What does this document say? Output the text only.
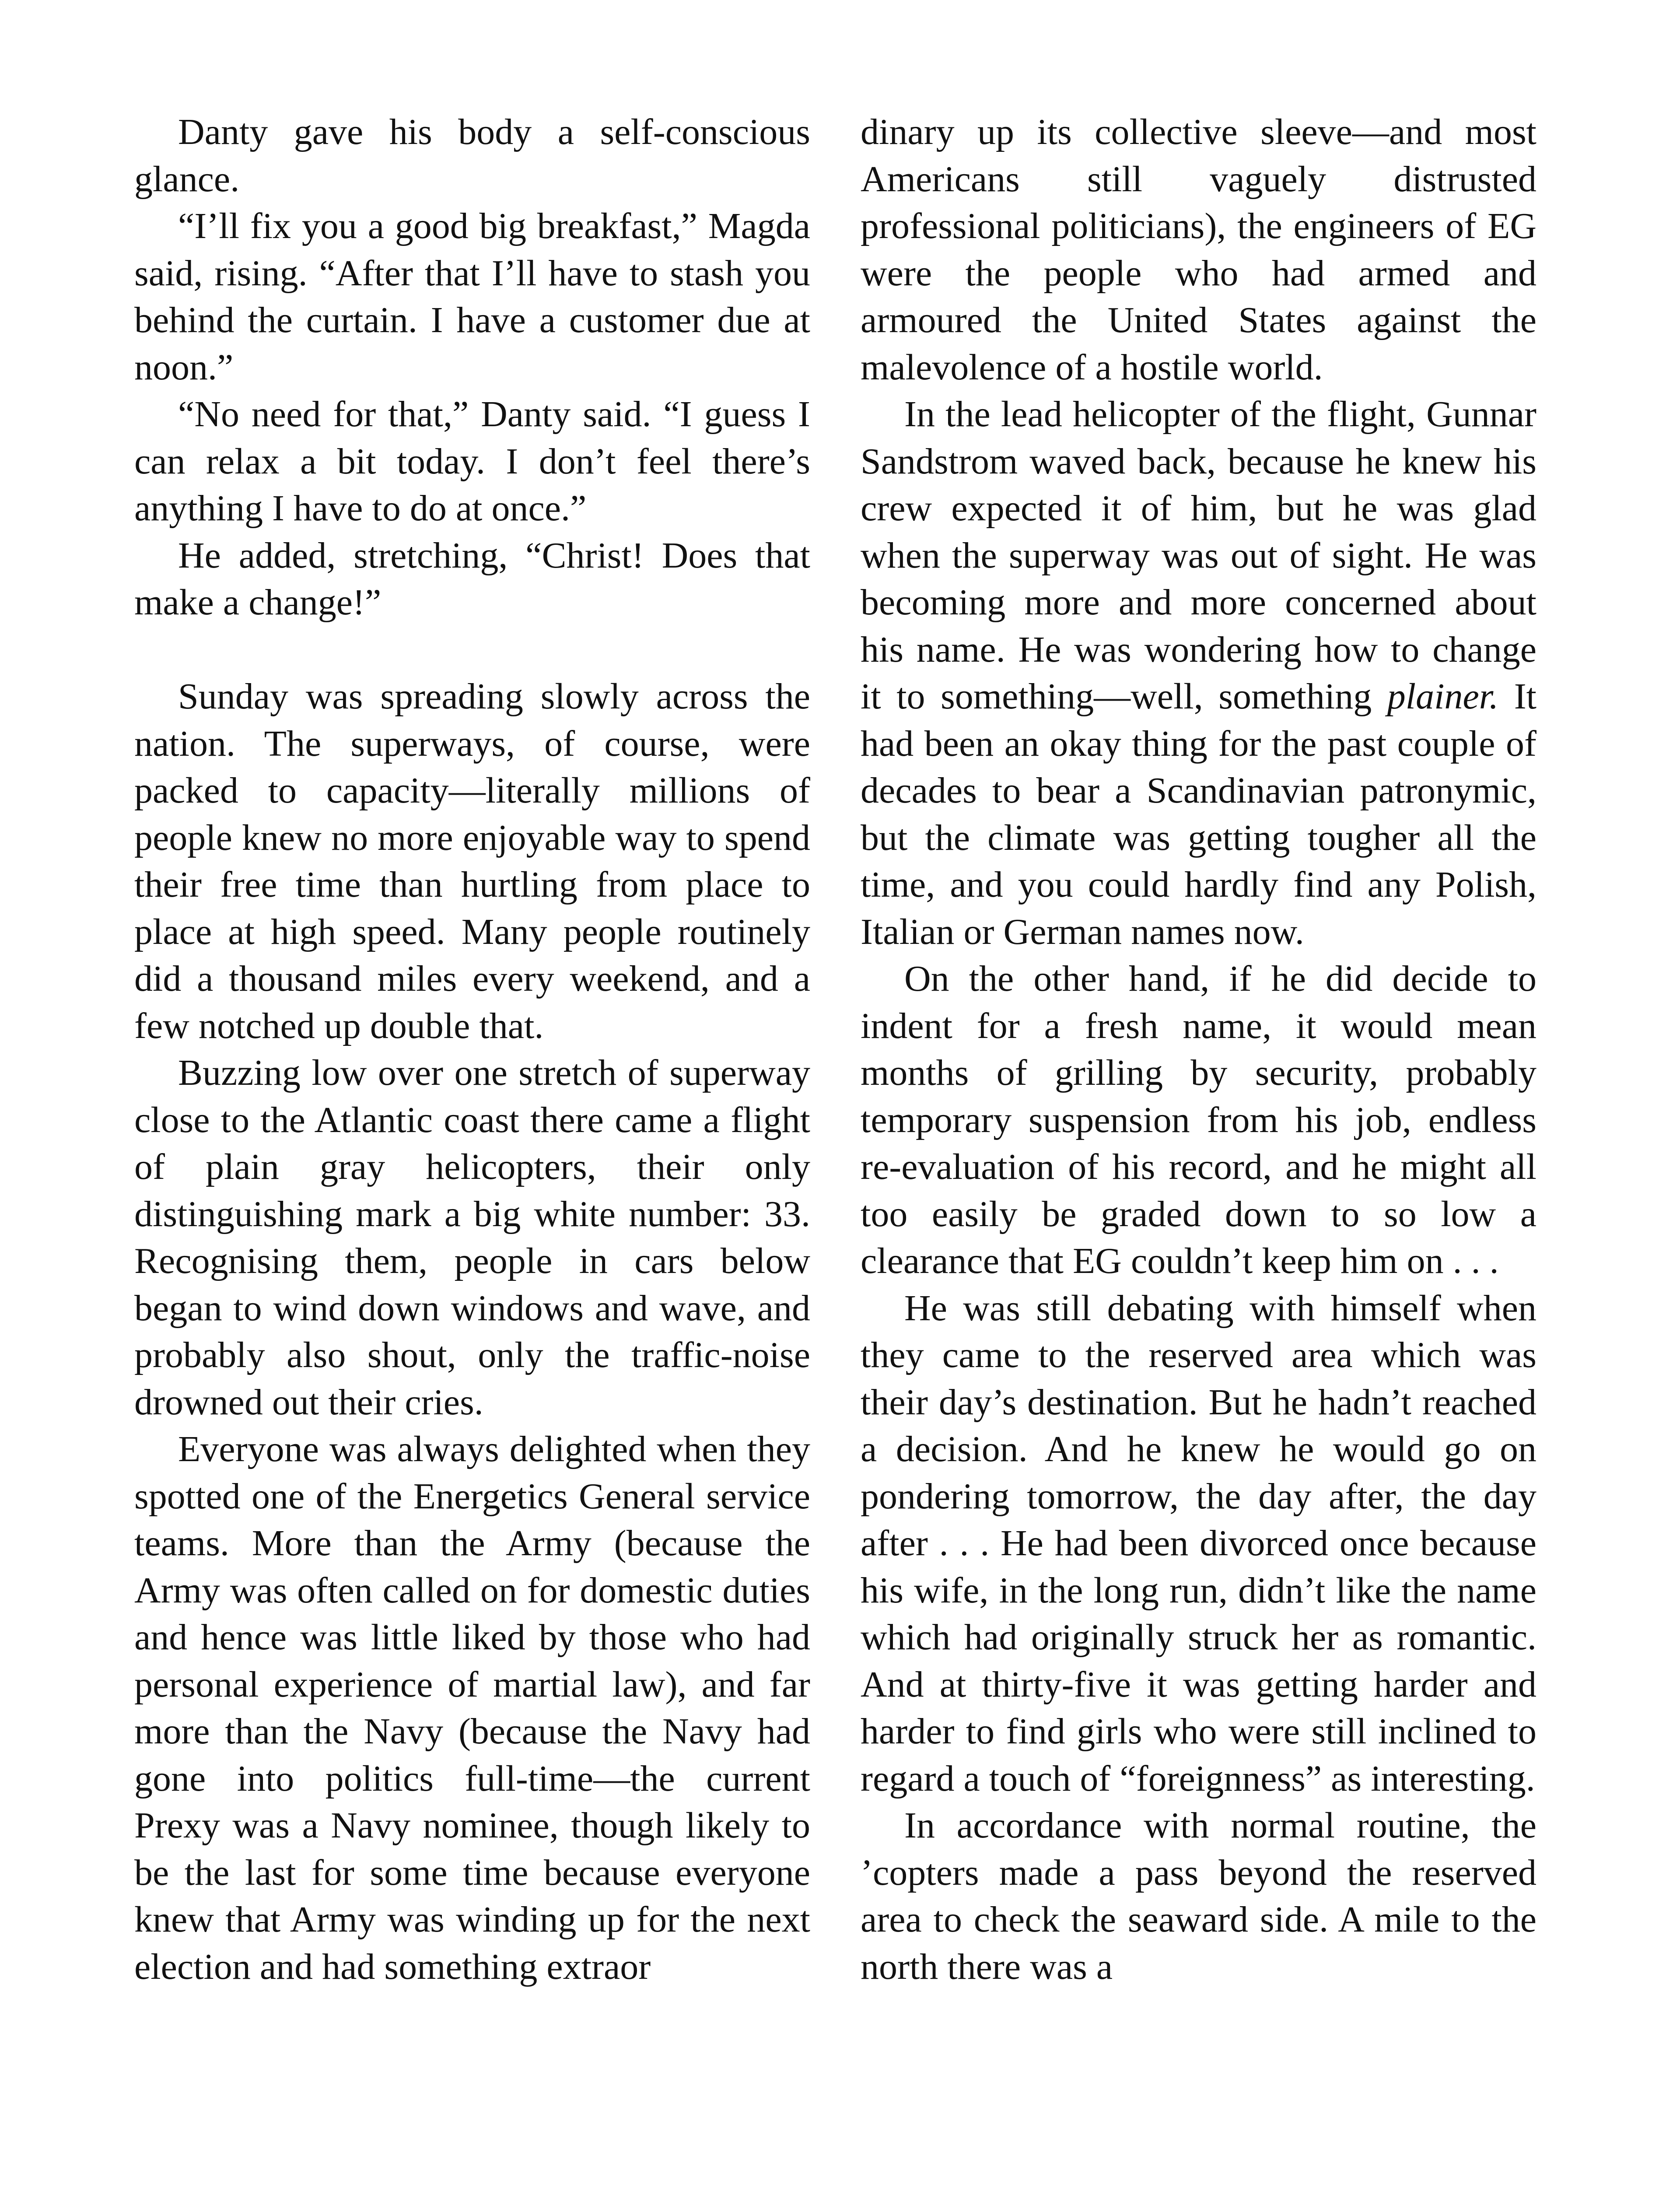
Danty gave his body a self-conscious glance.

“I’ll fix you a good big breakfast,” Magda said, rising. “After that I’ll have to stash you behind the curtain. I have a customer due at noon.”

“No need for that,” Danty said. “I guess I can relax a bit today. I don’t feel there’s anything I have to do at once.”

He added, stretching, “Christ! Does that make a change!”

Sunday was spreading slowly across the nation. The superways, of course, were packed to capacity—literally millions of people knew no more enjoyable way to spend their free time than hurtling from place to place at high speed. Many people routinely did a thousand miles every weekend, and a few notched up double that.

Buzzing low over one stretch of superway close to the Atlantic coast there came a flight of plain gray helicopters, their only distinguishing mark a big white number: 33. Recognising them, people in cars below began to wind down windows and wave, and probably also shout, only the traffic-noise drowned out their cries.

Everyone was always delighted when they spotted one of the Energetics General service teams. More than the Army (because the Army was often called on for domestic duties and hence was little liked by those who had personal experience of martial law), and far more than the Navy (because the Navy had gone into politics full-time—the current Prexy was a Navy nominee, though likely to be the last for some time because everyone knew that Army was winding up for the next election and had something extraor

dinary up its collective sleeve—and most Americans still vaguely distrusted professional politicians), the engineers of EG were the people who had armed and armoured the United States against the malevolence of a hostile world.

In the lead helicopter of the flight, Gunnar Sandstrom waved back, because he knew his crew expected it of him, but he was glad when the superway was out of sight. He was becoming more and more concerned about his name. He was wondering how to change it to something—well, something plainer. It had been an okay thing for the past couple of decades to bear a Scandinavian patronymic, but the climate was getting tougher all the time, and you could hardly find any Polish, Italian or German names now.

On the other hand, if he did decide to indent for a fresh name, it would mean months of grilling by security, probably temporary suspension from his job, endless re-evaluation of his record, and he might all too easily be graded down to so low a clearance that EG couldn’t keep him on . . .

He was still debating with himself when they came to the reserved area which was their day’s destination. But he hadn’t reached a decision. And he knew he would go on pondering tomorrow, the day after, the day after . . . He had been divorced once because his wife, in the long run, didn’t like the name which had originally struck her as romantic. And at thirty-five it was getting harder and harder to find girls who were still inclined to regard a touch of “foreignness” as interesting.

In accordance with normal routine, the ’copters made a pass beyond the reserved area to check the seaward side. A mile to the north there was a
